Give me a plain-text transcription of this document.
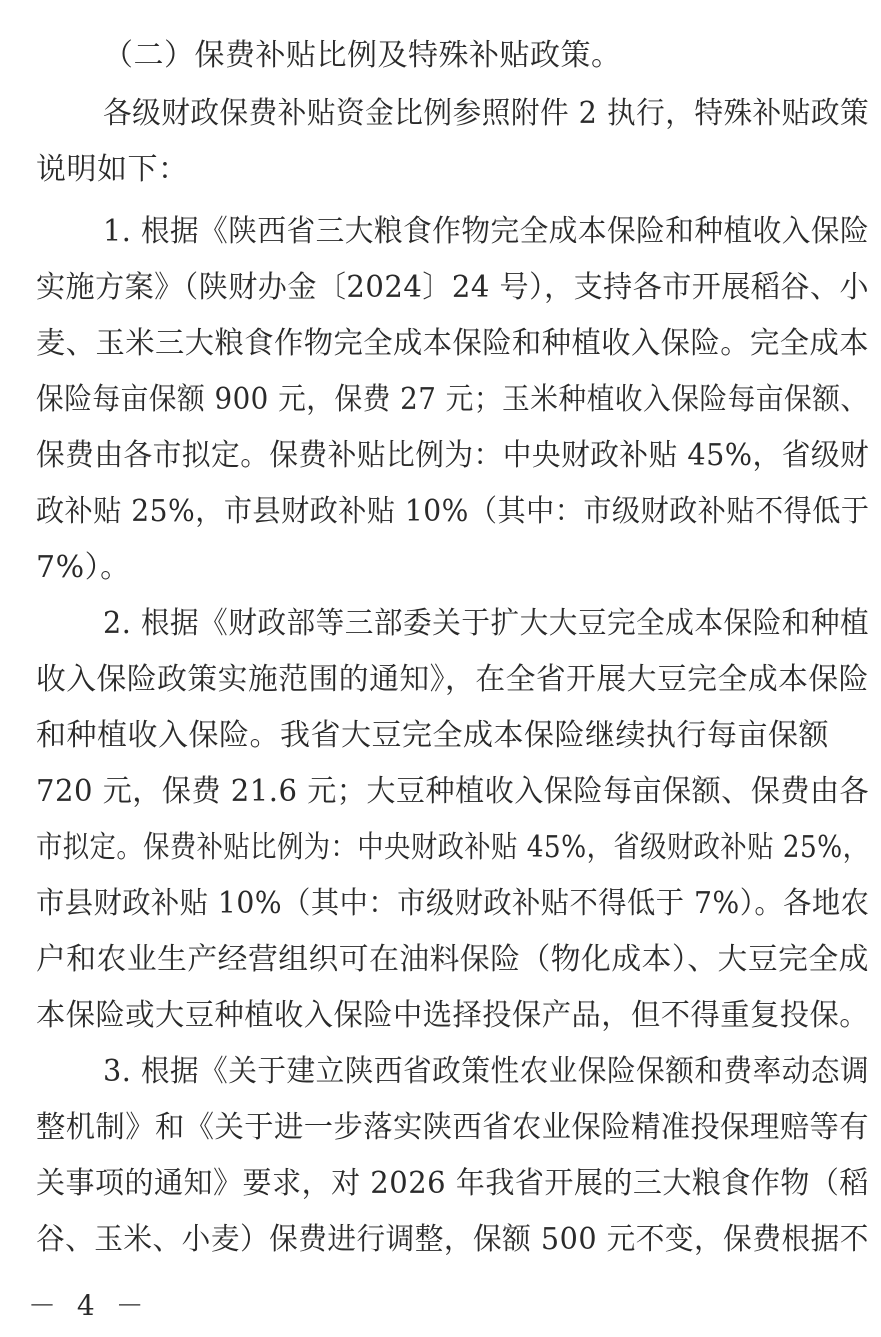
（二）保费补贴比例及特殊补贴政策。
各级财政保费补贴资金比例参照附件 2 执行，特殊补贴政策
说明如下：
1. 根据《陕西省三大粮食作物完全成本保险和种植收入保险
实施方案》（陕财办金〔2024〕24 号），支持各市开展稻谷、小
麦、玉米三大粮食作物完全成本保险和种植收入保险。完全成本
保险每亩保额 900 元，保费 27 元；玉米种植收入保险每亩保额、
保费由各市拟定。保费补贴比例为：中央财政补贴 45%，省级财
政补贴 25%，市县财政补贴 10%（其中：市级财政补贴不得低于
7%）。
2. 根据《财政部等三部委关于扩大大豆完全成本保险和种植
收入保险政策实施范围的通知》，在全省开展大豆完全成本保险
和种植收入保险。我省大豆完全成本保险继续执行每亩保额
720 元，保费 21.6 元；大豆种植收入保险每亩保额、保费由各
市拟定。保费补贴比例为：中央财政补贴 45%，省级财政补贴 25%，
市县财政补贴 10%（其中：市级财政补贴不得低于 7%）。各地农
户和农业生产经营组织可在油料保险（物化成本）、大豆完全成
本保险或大豆种植收入保险中选择投保产品，但不得重复投保。
3. 根据《关于建立陕西省政策性农业保险保额和费率动态调
整机制》和《关于进一步落实陕西省农业保险精准投保理赔等有
关事项的通知》要求，对 2026 年我省开展的三大粮食作物（稻
谷、玉米、小麦）保费进行调整，保额 500 元不变，保费根据不
－ 4 －
